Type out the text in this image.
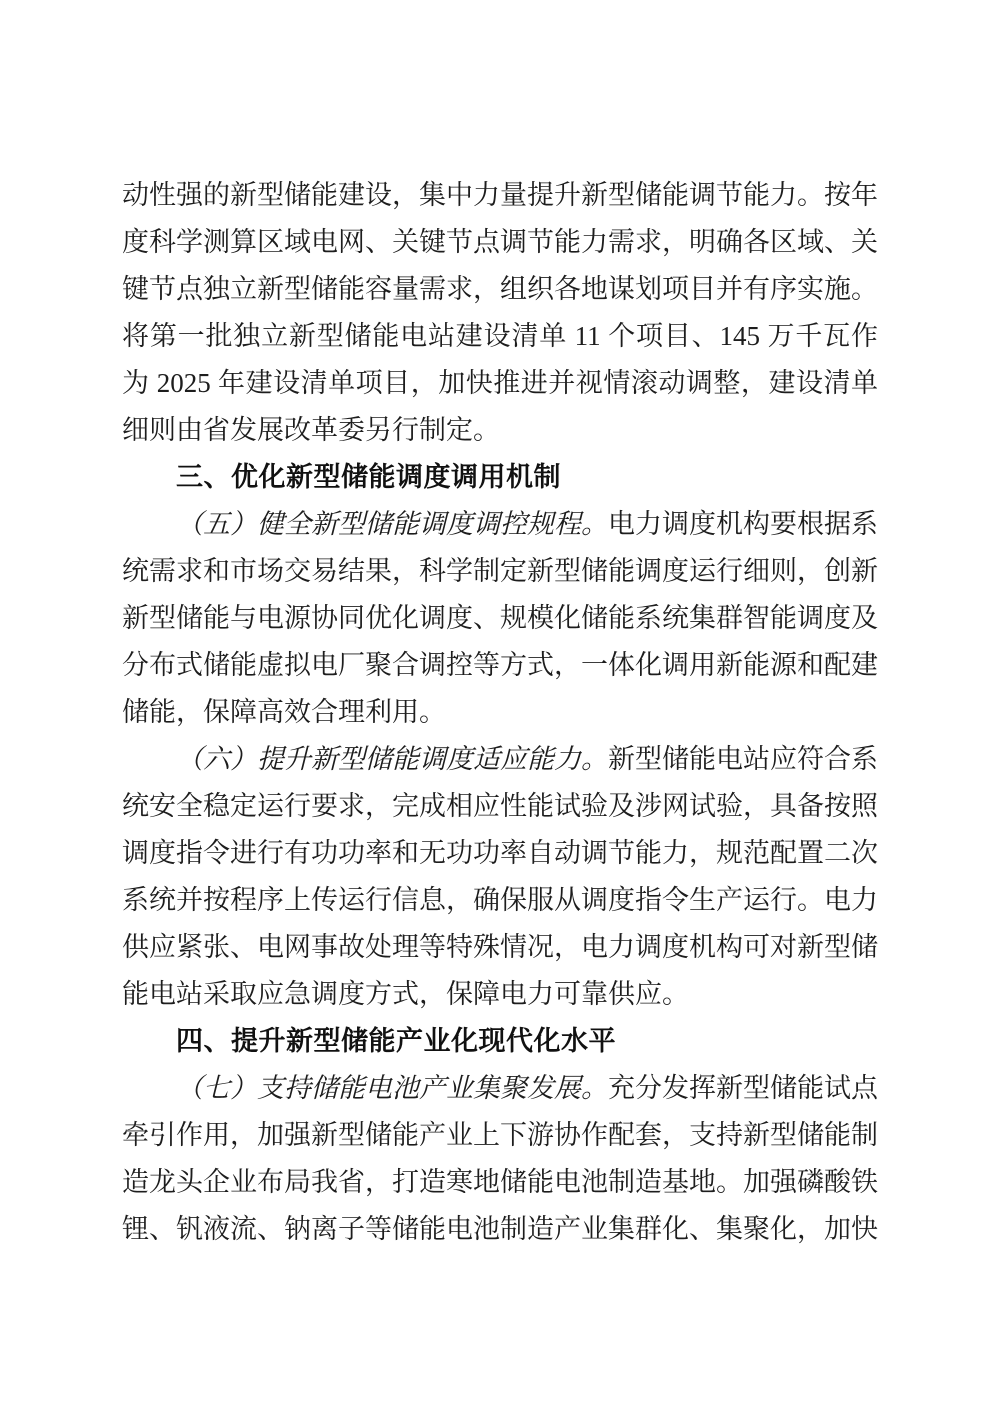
动性强的新型储能建设，集中力量提升新型储能调节能力。按年度科学测算区域电网、关键节点调节能力需求，明确各区域、关键节点独立新型储能容量需求，组织各地谋划项目并有序实施。将第一批独立新型储能电站建设清单 11 个项目、145 万千瓦作为 2025 年建设清单项目，加快推进并视情滚动调整，建设清单细则由省发展改革委另行制定。

三、优化新型储能调度调用机制

（五）健全新型储能调度调控规程。电力调度机构要根据系统需求和市场交易结果，科学制定新型储能调度运行细则，创新新型储能与电源协同优化调度、规模化储能系统集群智能调度及分布式储能虚拟电厂聚合调控等方式，一体化调用新能源和配建储能，保障高效合理利用。

（六）提升新型储能调度适应能力。新型储能电站应符合系统安全稳定运行要求，完成相应性能试验及涉网试验，具备按照调度指令进行有功功率和无功功率自动调节能力，规范配置二次系统并按程序上传运行信息，确保服从调度指令生产运行。电力供应紧张、电网事故处理等特殊情况，电力调度机构可对新型储能电站采取应急调度方式，保障电力可靠供应。

四、提升新型储能产业化现代化水平

（七）支持储能电池产业集聚发展。充分发挥新型储能试点牵引作用，加强新型储能产业上下游协作配套，支持新型储能制造龙头企业布局我省，打造寒地储能电池制造基地。加强磷酸铁锂、钒液流、钠离子等储能电池制造产业集群化、集聚化，加快
